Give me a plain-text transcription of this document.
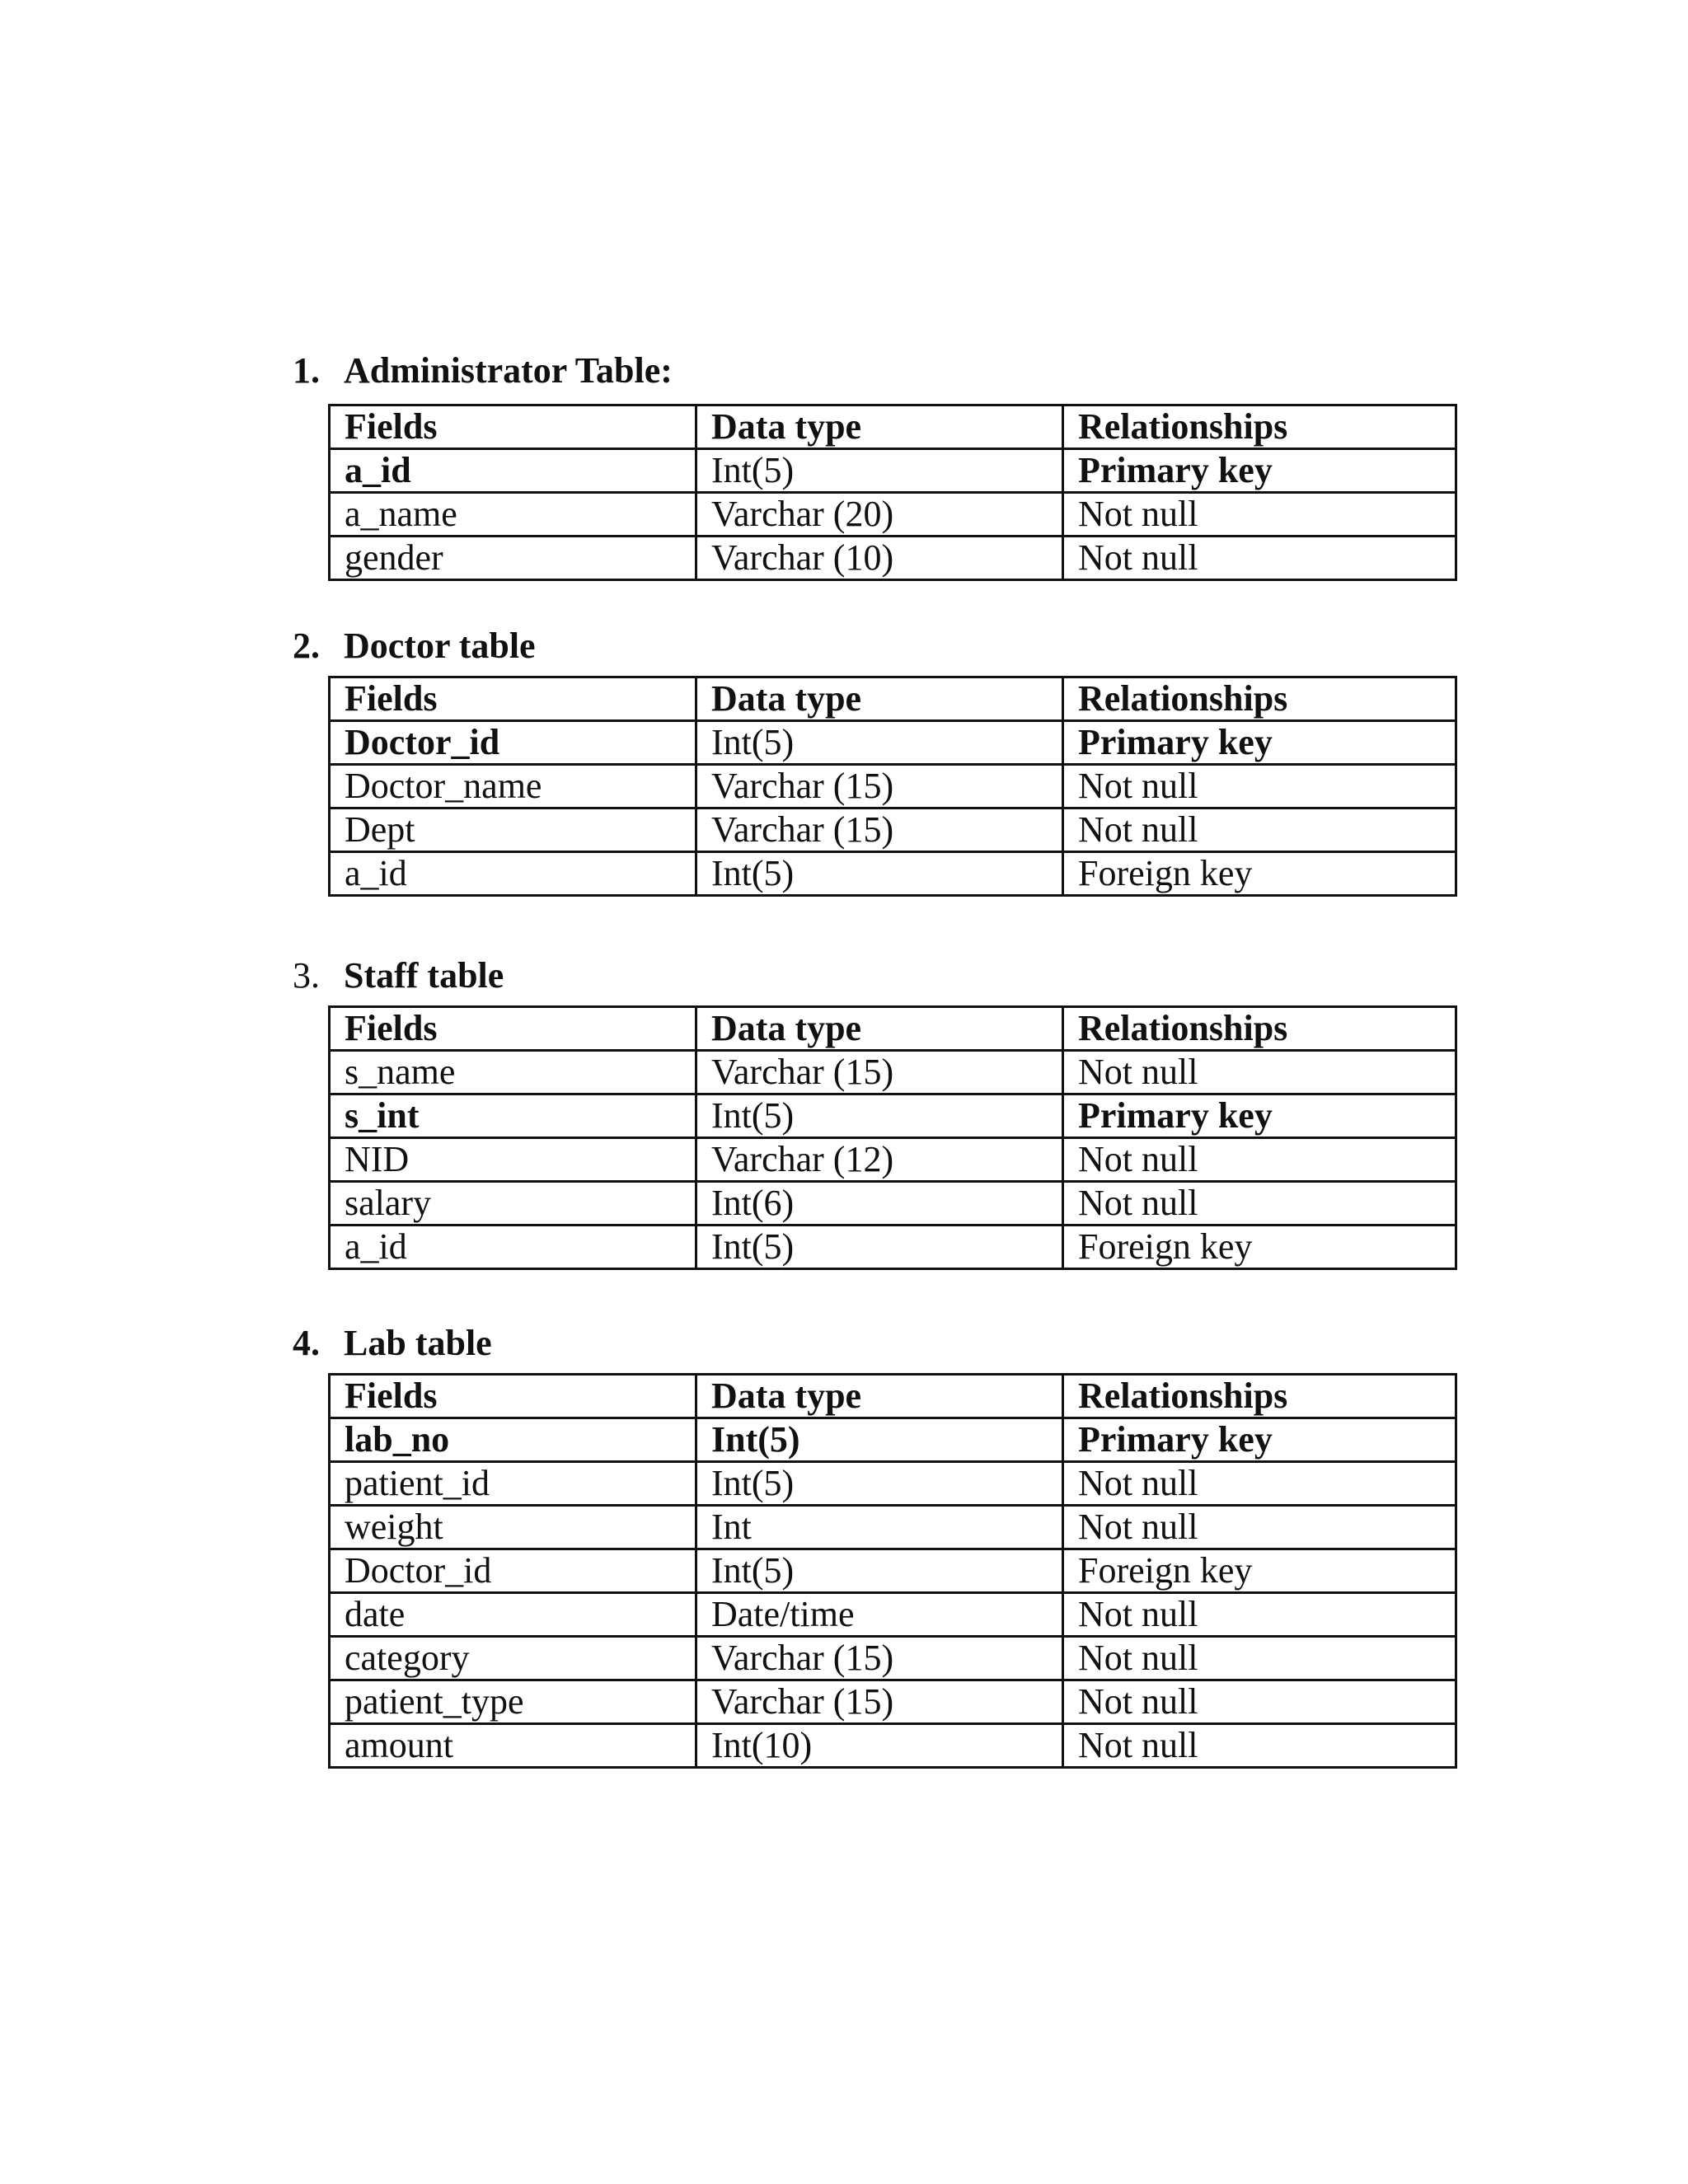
1. Administrator Table:
Fields	Data type	Relationships
a_id	Int(5)	Primary key
a_name	Varchar (20)	Not null
gender	Varchar (10)	Not null
2. Doctor table
Fields	Data type	Relationships
Doctor_id	Int(5)	Primary key
Doctor_name	Varchar (15)	Not null
Dept	Varchar (15)	Not null
a_id	Int(5)	Foreign key
3. Staff table
Fields	Data type	Relationships
s_name	Varchar (15)	Not null
s_int	Int(5)	Primary key
NID	Varchar (12)	Not null
salary	Int(6)	Not null
a_id	Int(5)	Foreign key
4. Lab table
Fields	Data type	Relationships
lab_no	Int(5)	Primary key
patient_id	Int(5)	Not null
weight	Int	Not null
Doctor_id	Int(5)	Foreign key
date	Date/time	Not null
category	Varchar (15)	Not null
patient_type	Varchar (15)	Not null
amount	Int(10)	Not null
